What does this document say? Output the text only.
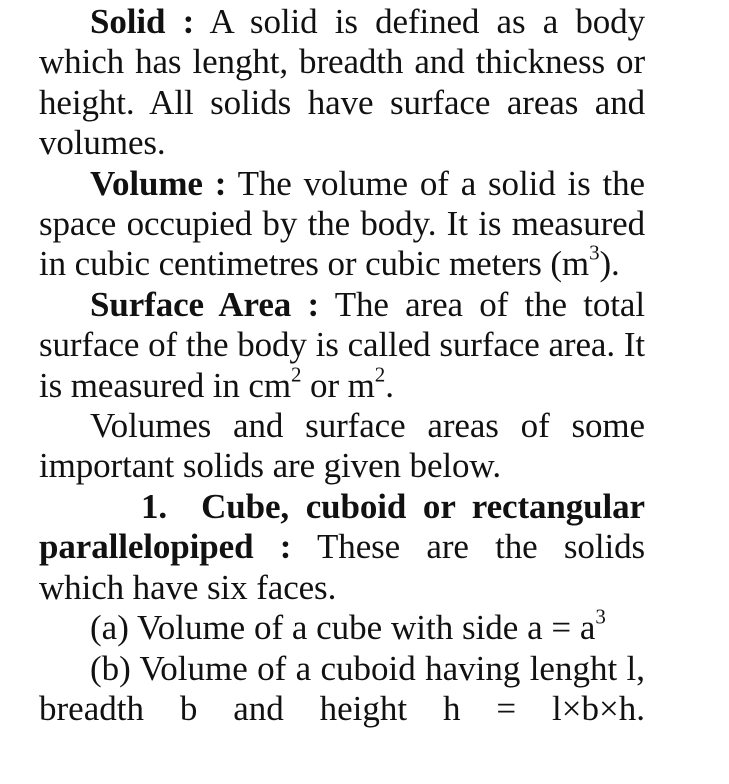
Solid : A solid is defined as a body which has lenght, breadth and thickness or height. All solids have surface areas and volumes.

Volume : The volume of a solid is the space occupied by the body. It is measured in cubic centimetres or cubic meters $(m^3)$.

Surface Area : The area of the total surface of the body is called surface area. It is measured in $cm^2$ or $m^2$.

Volumes and surface areas of some important solids are given below.

1. Cube, cuboid or rectangular parallelopiped : These are the solids which have six faces.

(a) Volume of a cube with side $a = a^3$

(b) Volume of a cuboid having lenght l, breadth b and height h = l×b×h.
